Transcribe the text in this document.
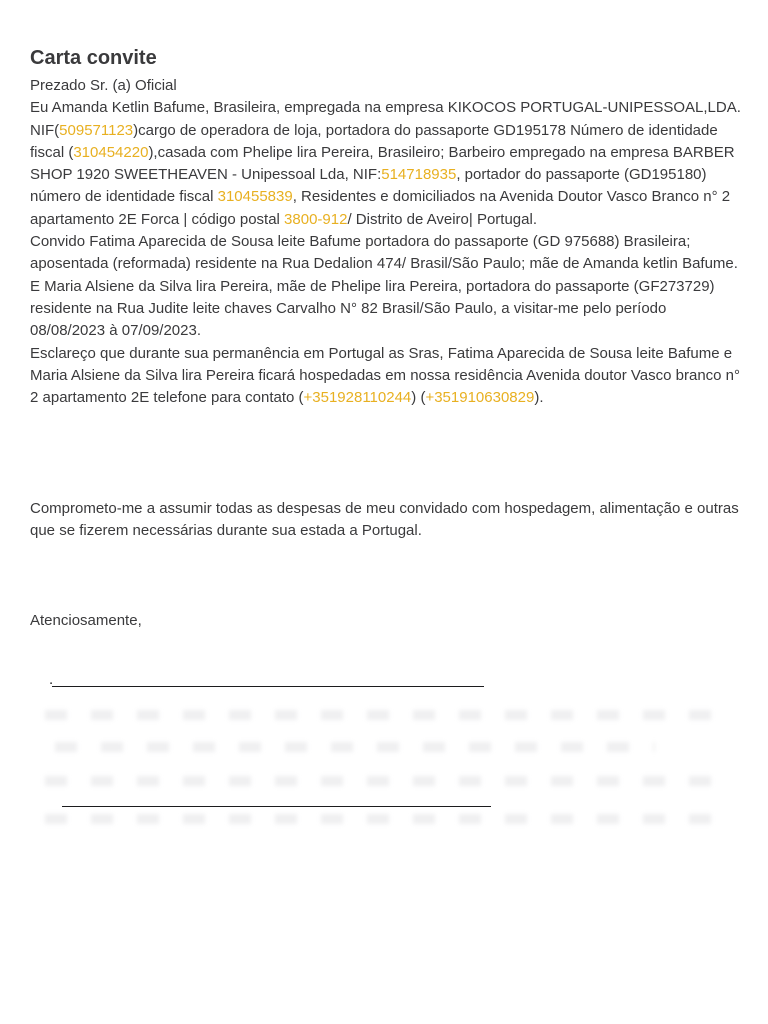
Carta convite

Prezado Sr. (a) Oficial

Eu Amanda Ketlin Bafume, Brasileira, empregada na empresa KIKOCOS PORTUGAL-UNIPESSOAL,LDA. NIF(509571123)cargo de operadora de loja, portadora do passaporte GD195178 Número de identidade fiscal (310454220),casada com Phelipe lira Pereira, Brasileiro; Barbeiro empregado na empresa BARBER SHOP 1920 SWEETHEAVEN - Unipessoal Lda, NIF:514718935, portador do passaporte (GD195180) número de identidade fiscal 310455839, Residentes e domiciliados na Avenida Doutor Vasco Branco n° 2 apartamento 2E Forca | código postal 3800-912/ Distrito de Aveiro| Portugal.

Convido Fatima Aparecida de Sousa leite Bafume portadora do passaporte (GD 975688) Brasileira; aposentada (reformada) residente na Rua Dedalion 474/ Brasil/São Paulo; mãe de Amanda ketlin Bafume.

E Maria Alsiene da Silva lira Pereira, mãe de Phelipe lira Pereira, portadora do passaporte (GF273729) residente na Rua Judite leite chaves Carvalho N° 82 Brasil/São Paulo, a visitar-me pelo período 08/08/2023 à 07/09/2023.

Esclareço que durante sua permanência em Portugal as Sras, Fatima Aparecida de Sousa leite Bafume e Maria Alsiene da Silva lira Pereira ficará hospedadas em nossa residência Avenida doutor Vasco branco n° 2 apartamento 2E telefone para contato (+351928110244) (+351910630829).

Comprometo-me a assumir todas as despesas de meu convidado com hospedagem, alimentação e outras que se fizerem necessárias durante sua estada a Portugal.

Atenciosamente,

.
